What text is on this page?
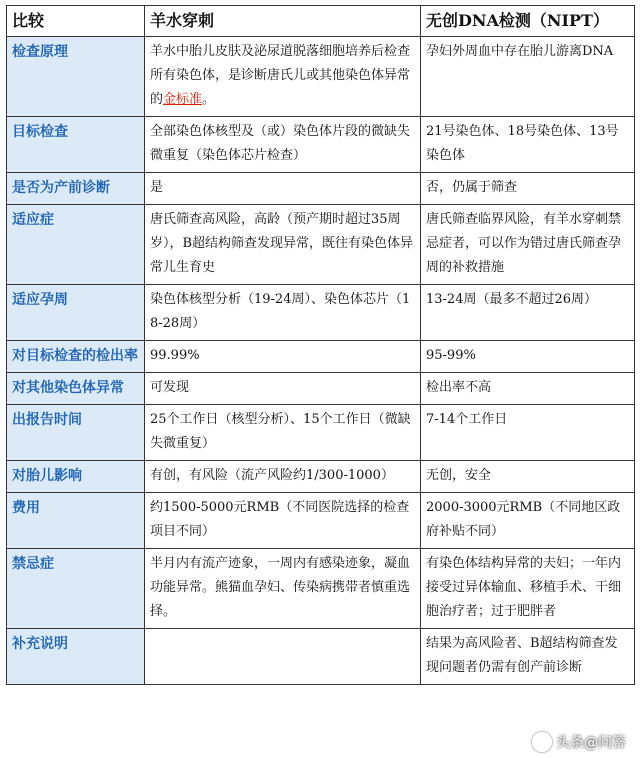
比较	羊水穿刺	无创DNA检测（NIPT）
检查原理	羊水中胎儿皮肤及泌尿道脱落细胞培养后检查所有染色体，是诊断唐氏儿或其他染色体异常的金标准。	孕妇外周血中存在胎儿游离DNA
目标检查	全部染色体核型及（或）染色体片段的微缺失微重复（染色体芯片检查）	21号染色体、18号染色体、13号染色体
是否为产前诊断	是	否，仍属于筛查
适应症	唐氏筛查高风险，高龄（预产期时超过35周岁），B超结构筛查发现异常，既往有染色体异常儿生育史	唐氏筛查临界风险，有羊水穿刺禁忌症者，可以作为错过唐氏筛查孕周的补救措施
适应孕周	染色体核型分析（19-24周）、染色体芯片（18-28周）	13-24周（最多不超过26周）
对目标检查的检出率	99.99%	95-99%
对其他染色体异常	可发现	检出率不高
出报告时间	25个工作日（核型分析）、15个工作日（微缺失微重复）	7-14个工作日
对胎儿影响	有创，有风险（流产风险约1/300-1000）	无创，安全
费用	约1500-5000元RMB（不同医院选择的检查项目不同）	2000-3000元RMB（不同地区政府补贴不同）
禁忌症	半月内有流产迹象，一周内有感染迹象，凝血功能异常。熊猫血孕妇、传染病携带者慎重选择。	有染色体结构异常的夫妇；一年内接受过异体输血、移植手术、干细胞治疗者；过于肥胖者
补充说明		结果为高风险者、B超结构筛查发现问题者仍需有创产前诊断
头条@问答
